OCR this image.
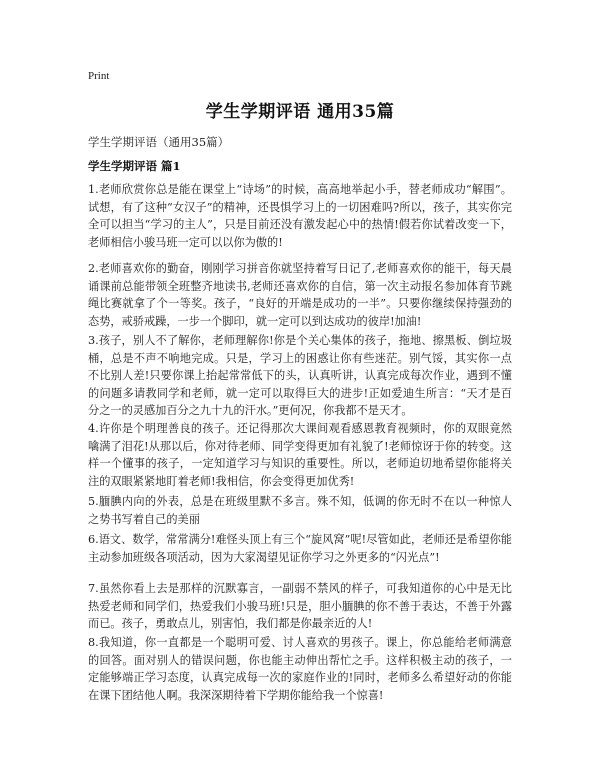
Print
学生学期评语 通用35篇
学生学期评语（通用35篇）
学生学期评语 篇1
1.老师欣赏你总是能在课堂上“诗场”的时候，高高地举起小手，替老师成功“解围”。试想，有了这种“女汉子”的精神，还畏惧学习上的一切困难吗?所以，孩子，其实你完全可以担当“学习的主人”，只是目前还没有激发起心中的热情!假若你试着改变一下，老师相信小骏马班一定可以以你为傲的!
2.老师喜欢你的勤奋，刚刚学习拼音你就坚持着写日记了,老师喜欢你的能干，每天晨诵课前总能带领全班整齐地读书,老师还喜欢你的自信，第一次主动报名参加体育节跳绳比赛就拿了个一等奖。孩子，“良好的开端是成功的一半”。只要你继续保持强劲的态势，戒骄戒躁，一步一个脚印，就一定可以到达成功的彼岸!加油!
3.孩子，别人不了解你，老师理解你!你是个关心集体的孩子，拖地、擦黑板、倒垃圾桶，总是不声不响地完成。只是，学习上的困惑让你有些迷茫。别气馁，其实你一点不比别人差!只要你课上抬起常常低下的头，认真听讲，认真完成每次作业，遇到不懂的问题多请教同学和老师，就一定可以取得巨大的进步!正如爱迪生所言：“天才是百分之一的灵感加百分之九十九的汗水。”更何况，你我都不是天才。
4.许你是个明理善良的孩子。还记得那次大课间观看感恩教育视频时，你的双眼竟然噙满了泪花!从那以后，你对待老师、同学变得更加有礼貌了!老师惊讶于你的转变。这样一个懂事的孩子，一定知道学习与知识的重要性。所以，老师迫切地希望你能将关注的双眼紧紧地盯着老师!我相信，你会变得更加优秀!
5.腼腆内向的外表，总是在班级里默不多言。殊不知，低调的你无时不在以一种惊人之势书写着自己的美丽
6.语文、数学，常常满分!难怪头顶上有三个“旋风窝”呢!尽管如此，老师还是希望你能主动参加班级各项活动，因为大家渴望见证你学习之外更多的“闪光点”!
7.虽然你看上去是那样的沉默寡言，一副弱不禁风的样子，可我知道你的心中是无比热爱老师和同学们，热爱我们小骏马班!只是，胆小腼腆的你不善于表达，不善于外露而已。孩子，勇敢点儿，别害怕，我们都是你最亲近的人!
8.我知道，你一直都是一个聪明可爱、讨人喜欢的男孩子。课上，你总能给老师满意的回答。面对别人的错误问题，你也能主动伸出帮忙之手。这样积极主动的孩子，一定能够端正学习态度，认真完成每一次的家庭作业的!同时，老师多么希望好动的你能在课下团结他人啊。我深深期待着下学期你能给我一个惊喜!
